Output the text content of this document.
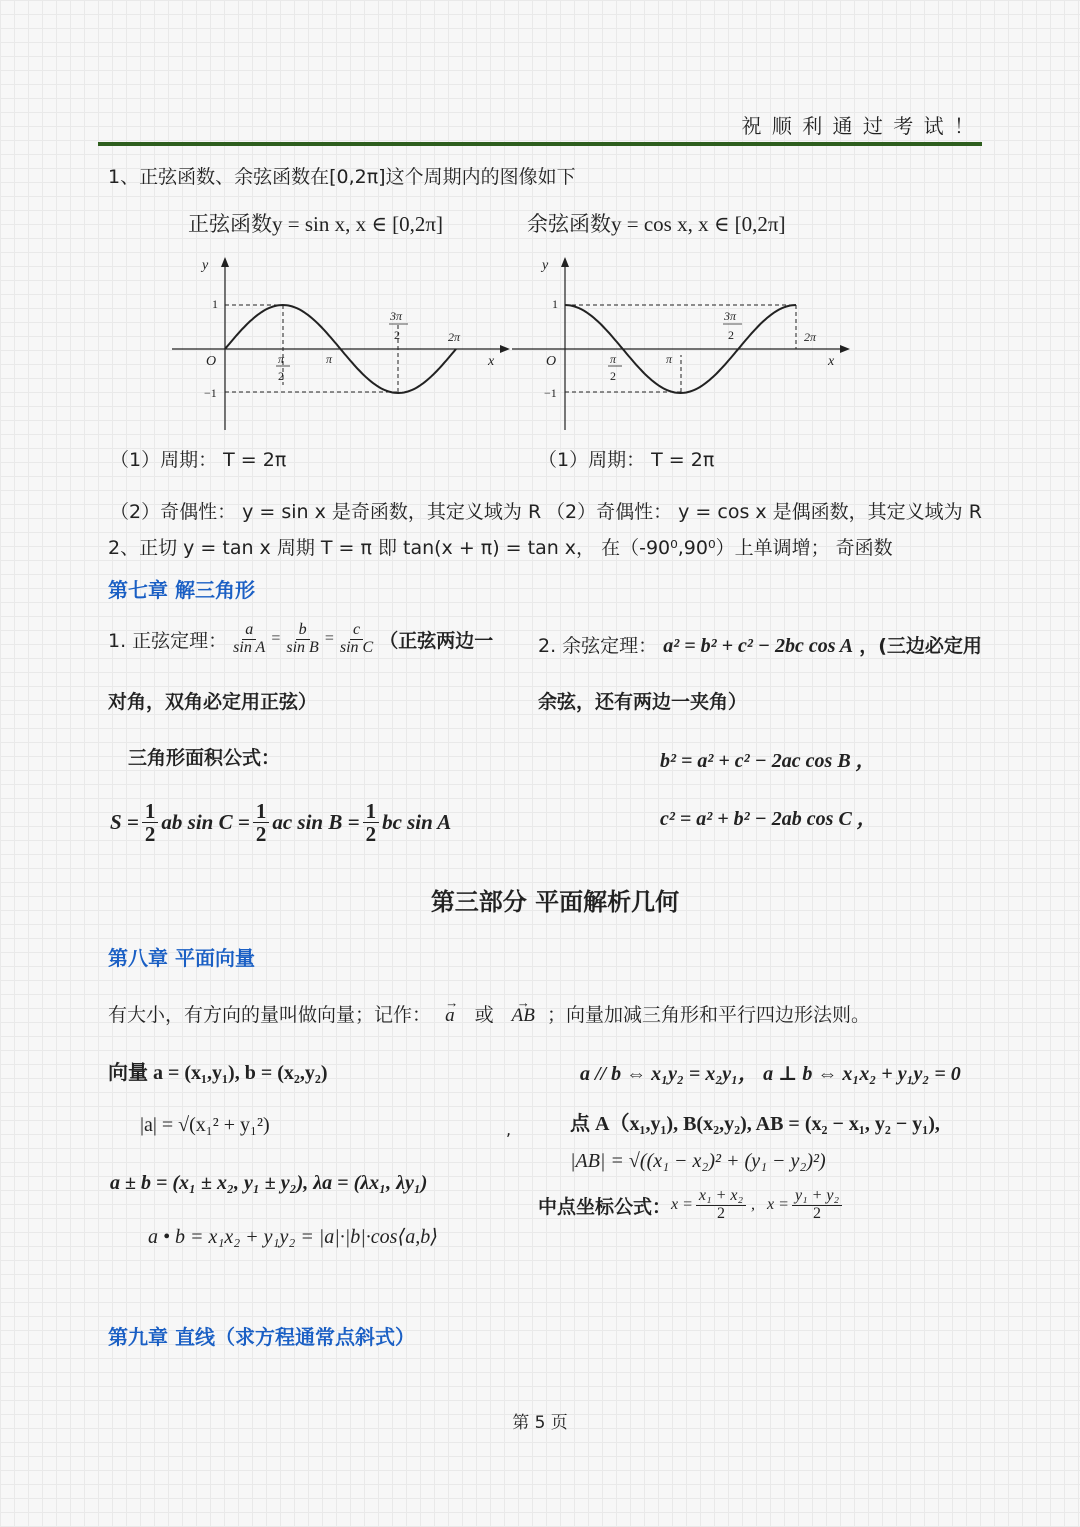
祝 顺 利 通 过 考 试 ！
1、正弦函数、余弦函数在[0,2π]这个周期内的图像如下
正弦函数y = sin x, x ∈ [0,2π]	余弦函数y = cos x, x ∈ [0,2π]
y
x
O
1
−1
π
2
π
3π
2	2π
y
x
O
1
−1
π
2
π
3π
2	2π
（1）周期： T = 2π	（1）周期： T = 2π
（2）奇偶性： y = sin x 是奇函数，其定义域为 R （2）奇偶性： y = cos x 是偶函数，其定义域为 R
2、正切 y = tan x 周期 T = π 即 tan(x + π) = tan x， 在（-90⁰,90⁰）上单调增； 奇函数
第七章 解三角形
1. 正弦定理： $\frac{a}{\text{sin A}} = \frac{b}{\text{sin B}} = \frac{c}{\text{sin C}}$ （正弦两边一 2. 余弦定理： a² = b² + c² − 2bc cos A ，(三边必定用
对角，双角必定用正弦）	余弦，还有两边一夹角）
三角形面积公式：	b² = a² + c² − 2ac cos B ，
c² = a² + b² − 2ab cos C ，
$S = \frac{1}{2}$ ab $\sin C = \frac{1}{2}$ ac $\sin B = \frac{1}{2}$ bc sin A
第三部分 平面解析几何
第八章 平面向量
有大小，有方向的量叫做向量；记作： → a 或 → AB ；向量加减三角形和平行四边形法则。
向量 a = (x₁,y₁), b = (x₂,y₂)	a // b ⇔ x₁y₂ = x₂y₁， a ⊥ b ⇔ x₁x₂ + y₁y₂ = 0
|a| = √(x₁² + y₁²)	,	点 A（x₁,y₁), B(x₂,y₂), AB = (x₂ − x₁, y₂ − y₁),
|AB| = √((x₁ − x₂)² + (y₁ − y₂)²)
a ± b = (x₁ ± x₂, y₁ ± y₂), λa = (λx₁, λy₁)
中点坐标公式： $x = \frac{\text{x₁ + x₂}}{2}$ , $x = \frac{\text{y₁ + y₂}}{2}$
a • b = x₁x₂ + y₁y₂ = |a|·|b|·cos⟨a,b⟩
第九章 直线（求方程通常点斜式）
第 5 页
